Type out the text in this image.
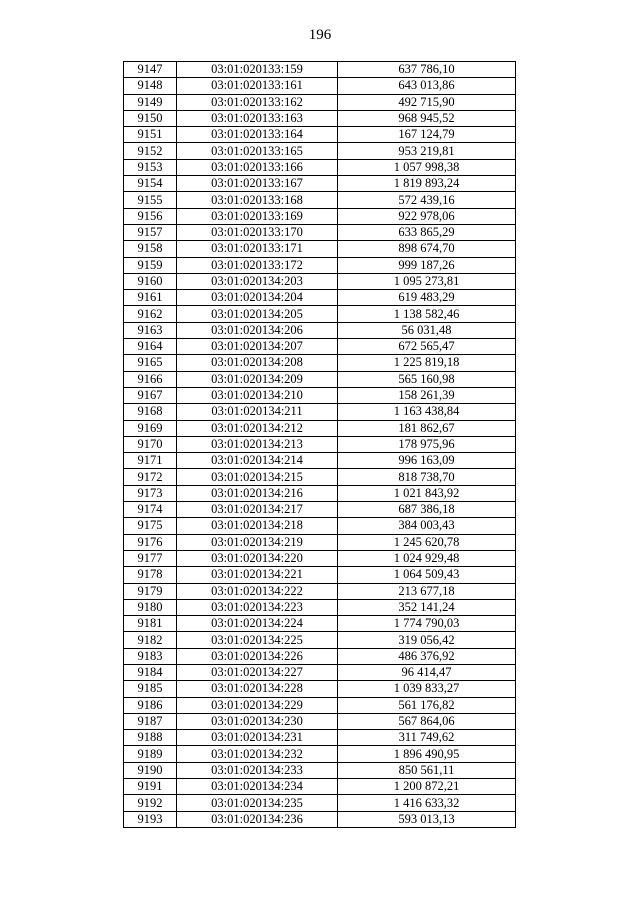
196
9147	03:01:020133:159	637 786,10
9148	03:01:020133:161	643 013,86
9149	03:01:020133:162	492 715,90
9150	03:01:020133:163	968 945,52
9151	03:01:020133:164	167 124,79
9152	03:01:020133:165	953 219,81
9153	03:01:020133:166	1 057 998,38
9154	03:01:020133:167	1 819 893,24
9155	03:01:020133:168	572 439,16
9156	03:01:020133:169	922 978,06
9157	03:01:020133:170	633 865,29
9158	03:01:020133:171	898 674,70
9159	03:01:020133:172	999 187,26
9160	03:01:020134:203	1 095 273,81
9161	03:01:020134:204	619 483,29
9162	03:01:020134:205	1 138 582,46
9163	03:01:020134:206	56 031,48
9164	03:01:020134:207	672 565,47
9165	03:01:020134:208	1 225 819,18
9166	03:01:020134:209	565 160,98
9167	03:01:020134:210	158 261,39
9168	03:01:020134:211	1 163 438,84
9169	03:01:020134:212	181 862,67
9170	03:01:020134:213	178 975,96
9171	03:01:020134:214	996 163,09
9172	03:01:020134:215	818 738,70
9173	03:01:020134:216	1 021 843,92
9174	03:01:020134:217	687 386,18
9175	03:01:020134:218	384 003,43
9176	03:01:020134:219	1 245 620,78
9177	03:01:020134:220	1 024 929,48
9178	03:01:020134:221	1 064 509,43
9179	03:01:020134:222	213 677,18
9180	03:01:020134:223	352 141,24
9181	03:01:020134:224	1 774 790,03
9182	03:01:020134:225	319 056,42
9183	03:01:020134:226	486 376,92
9184	03:01:020134:227	96 414,47
9185	03:01:020134:228	1 039 833,27
9186	03:01:020134:229	561 176,82
9187	03:01:020134:230	567 864,06
9188	03:01:020134:231	311 749,62
9189	03:01:020134:232	1 896 490,95
9190	03:01:020134:233	850 561,11
9191	03:01:020134:234	1 200 872,21
9192	03:01:020134:235	1 416 633,32
9193	03:01:020134:236	593 013,13
